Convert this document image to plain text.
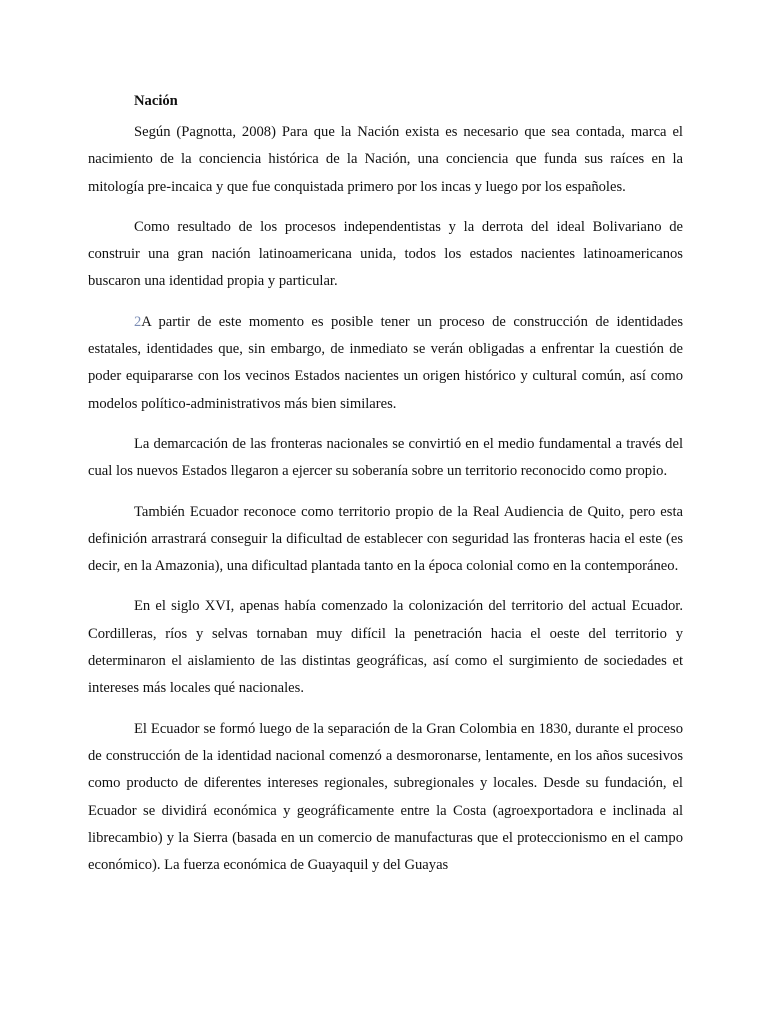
Nación

Según (Pagnotta, 2008) Para que la Nación exista es necesario que sea contada, marca el nacimiento de la conciencia histórica de la Nación, una conciencia que funda sus raíces en la mitología pre-incaica y que fue conquistada primero por los incas y luego por los españoles.

Como resultado de los procesos independentistas y la derrota del ideal Bolivariano de construir una gran nación latinoamericana unida, todos los estados nacientes latinoamericanos buscaron una identidad propia y particular.

2A partir de este momento es posible tener un proceso de construcción de identidades estatales, identidades que, sin embargo, de inmediato se verán obligadas a enfrentar la cuestión de poder equipararse con los vecinos Estados nacientes un origen histórico y cultural común, así como modelos político-administrativos más bien similares.

La demarcación de las fronteras nacionales se convirtió en el medio fundamental a través del cual los nuevos Estados llegaron a ejercer su soberanía sobre un territorio reconocido como propio.

También Ecuador reconoce como territorio propio de la Real Audiencia de Quito, pero esta definición arrastrará conseguir la dificultad de establecer con seguridad las fronteras hacia el este (es decir, en la Amazonia), una dificultad plantada tanto en la época colonial como en la contemporáneo.

En el siglo XVI, apenas había comenzado la colonización del territorio del actual Ecuador. Cordilleras, ríos y selvas tornaban muy difícil la penetración hacia el oeste del territorio y determinaron el aislamiento de las distintas geográficas, así como el surgimiento de sociedades et intereses más locales qué nacionales.

El Ecuador se formó luego de la separación de la Gran Colombia en 1830, durante el proceso de construcción de la identidad nacional comenzó a desmoronarse, lentamente, en los años sucesivos como producto de diferentes intereses regionales, subregionales y locales. Desde su fundación, el Ecuador se dividirá económica y geográficamente entre la Costa (agroexportadora e inclinada al librecambio) y la Sierra (basada en un comercio de manufacturas que el proteccionismo en el campo económico). La fuerza económica de Guayaquil y del Guayas
